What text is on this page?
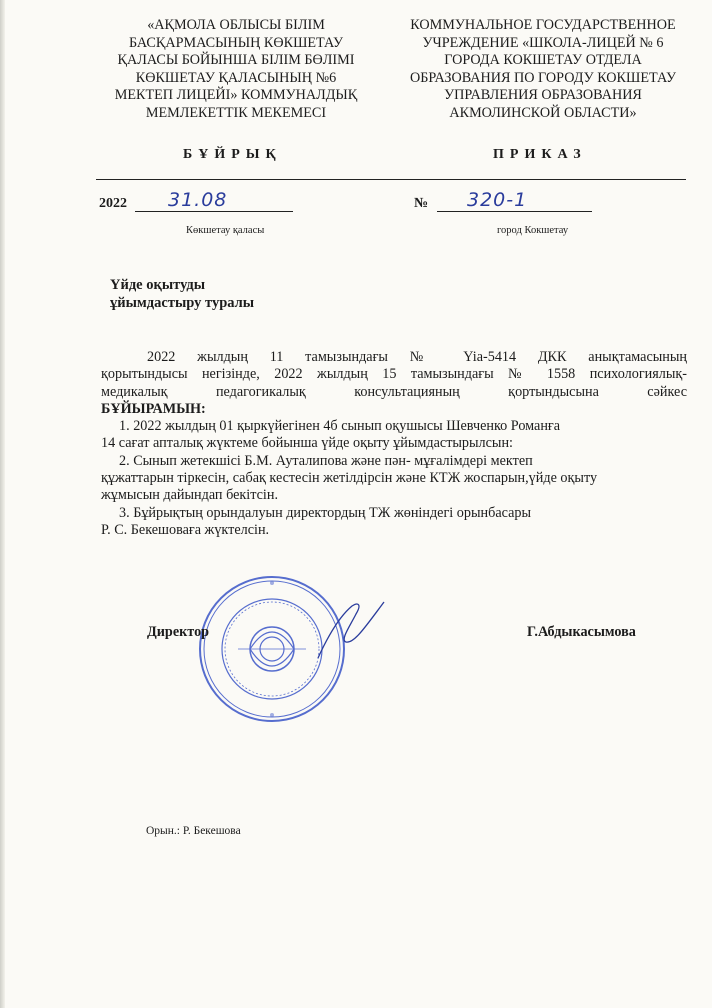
«АҚМОЛА ОБЛЫСЫ БІЛІМ
БАСҚАРМАСЫНЫҢ КӨКШЕТАУ
ҚАЛАСЫ БОЙЫНША БІЛІМ БӨЛІМІ
КӨКШЕТАУ ҚАЛАСЫНЫҢ №6
МЕКТЕП ЛИЦЕЙІ» КОММУНАЛДЫҚ
МЕМЛЕКЕТТІК МЕКЕМЕСІ
КОММУНАЛЬНОЕ ГОСУДАРСТВЕННОЕ
УЧРЕЖДЕНИЕ «ШКОЛА-ЛИЦЕЙ № 6
ГОРОДА КОКШЕТАУ ОТДЕЛА
ОБРАЗОВАНИЯ ПО ГОРОДУ КОКШЕТАУ
УПРАВЛЕНИЯ ОБРАЗОВАНИЯ
АКМОЛИНСКОЙ ОБЛАСТИ»
БҰЙРЫҚ	ПРИКАЗ
2022 31.08	№ 320-1
Көкшетау қаласы	город Кокшетау
Үйде оқытуды
ұйымдастыру туралы
2022 жылдың 11 тамызындағы № Yia-5414 ДКК анықтамасының
қорытындысы негізінде, 2022 жылдың 15 тамызындағы № 1558 психологиялық-
медикалық педагогикалық консультацияның қортындысына сәйкес
БҰЙЫРАМЫН:
1. 2022 жылдың 01 қыркүйегінен 4б сынып оқушысы Шевченко Романға
14 сағат апталық жүктеме бойынша үйде оқыту ұйымдастырылсын:
2. Сынып жетекшісі Б.М. Ауталипова және пән- мұғалімдері мектеп
құжаттарын тіркесін, сабақ кестесін жетілдірсін және КТЖ жоспарын,үйде оқыту
жұмысын дайындап бекітсін.
3. Бұйрықтың орындалуын директордың ТЖ жөніндегі орынбасары
Р. С. Бекешоваға жүктелсін.
Директор	Г.Абдыкасымова
Орын.: Р. Бекешова
